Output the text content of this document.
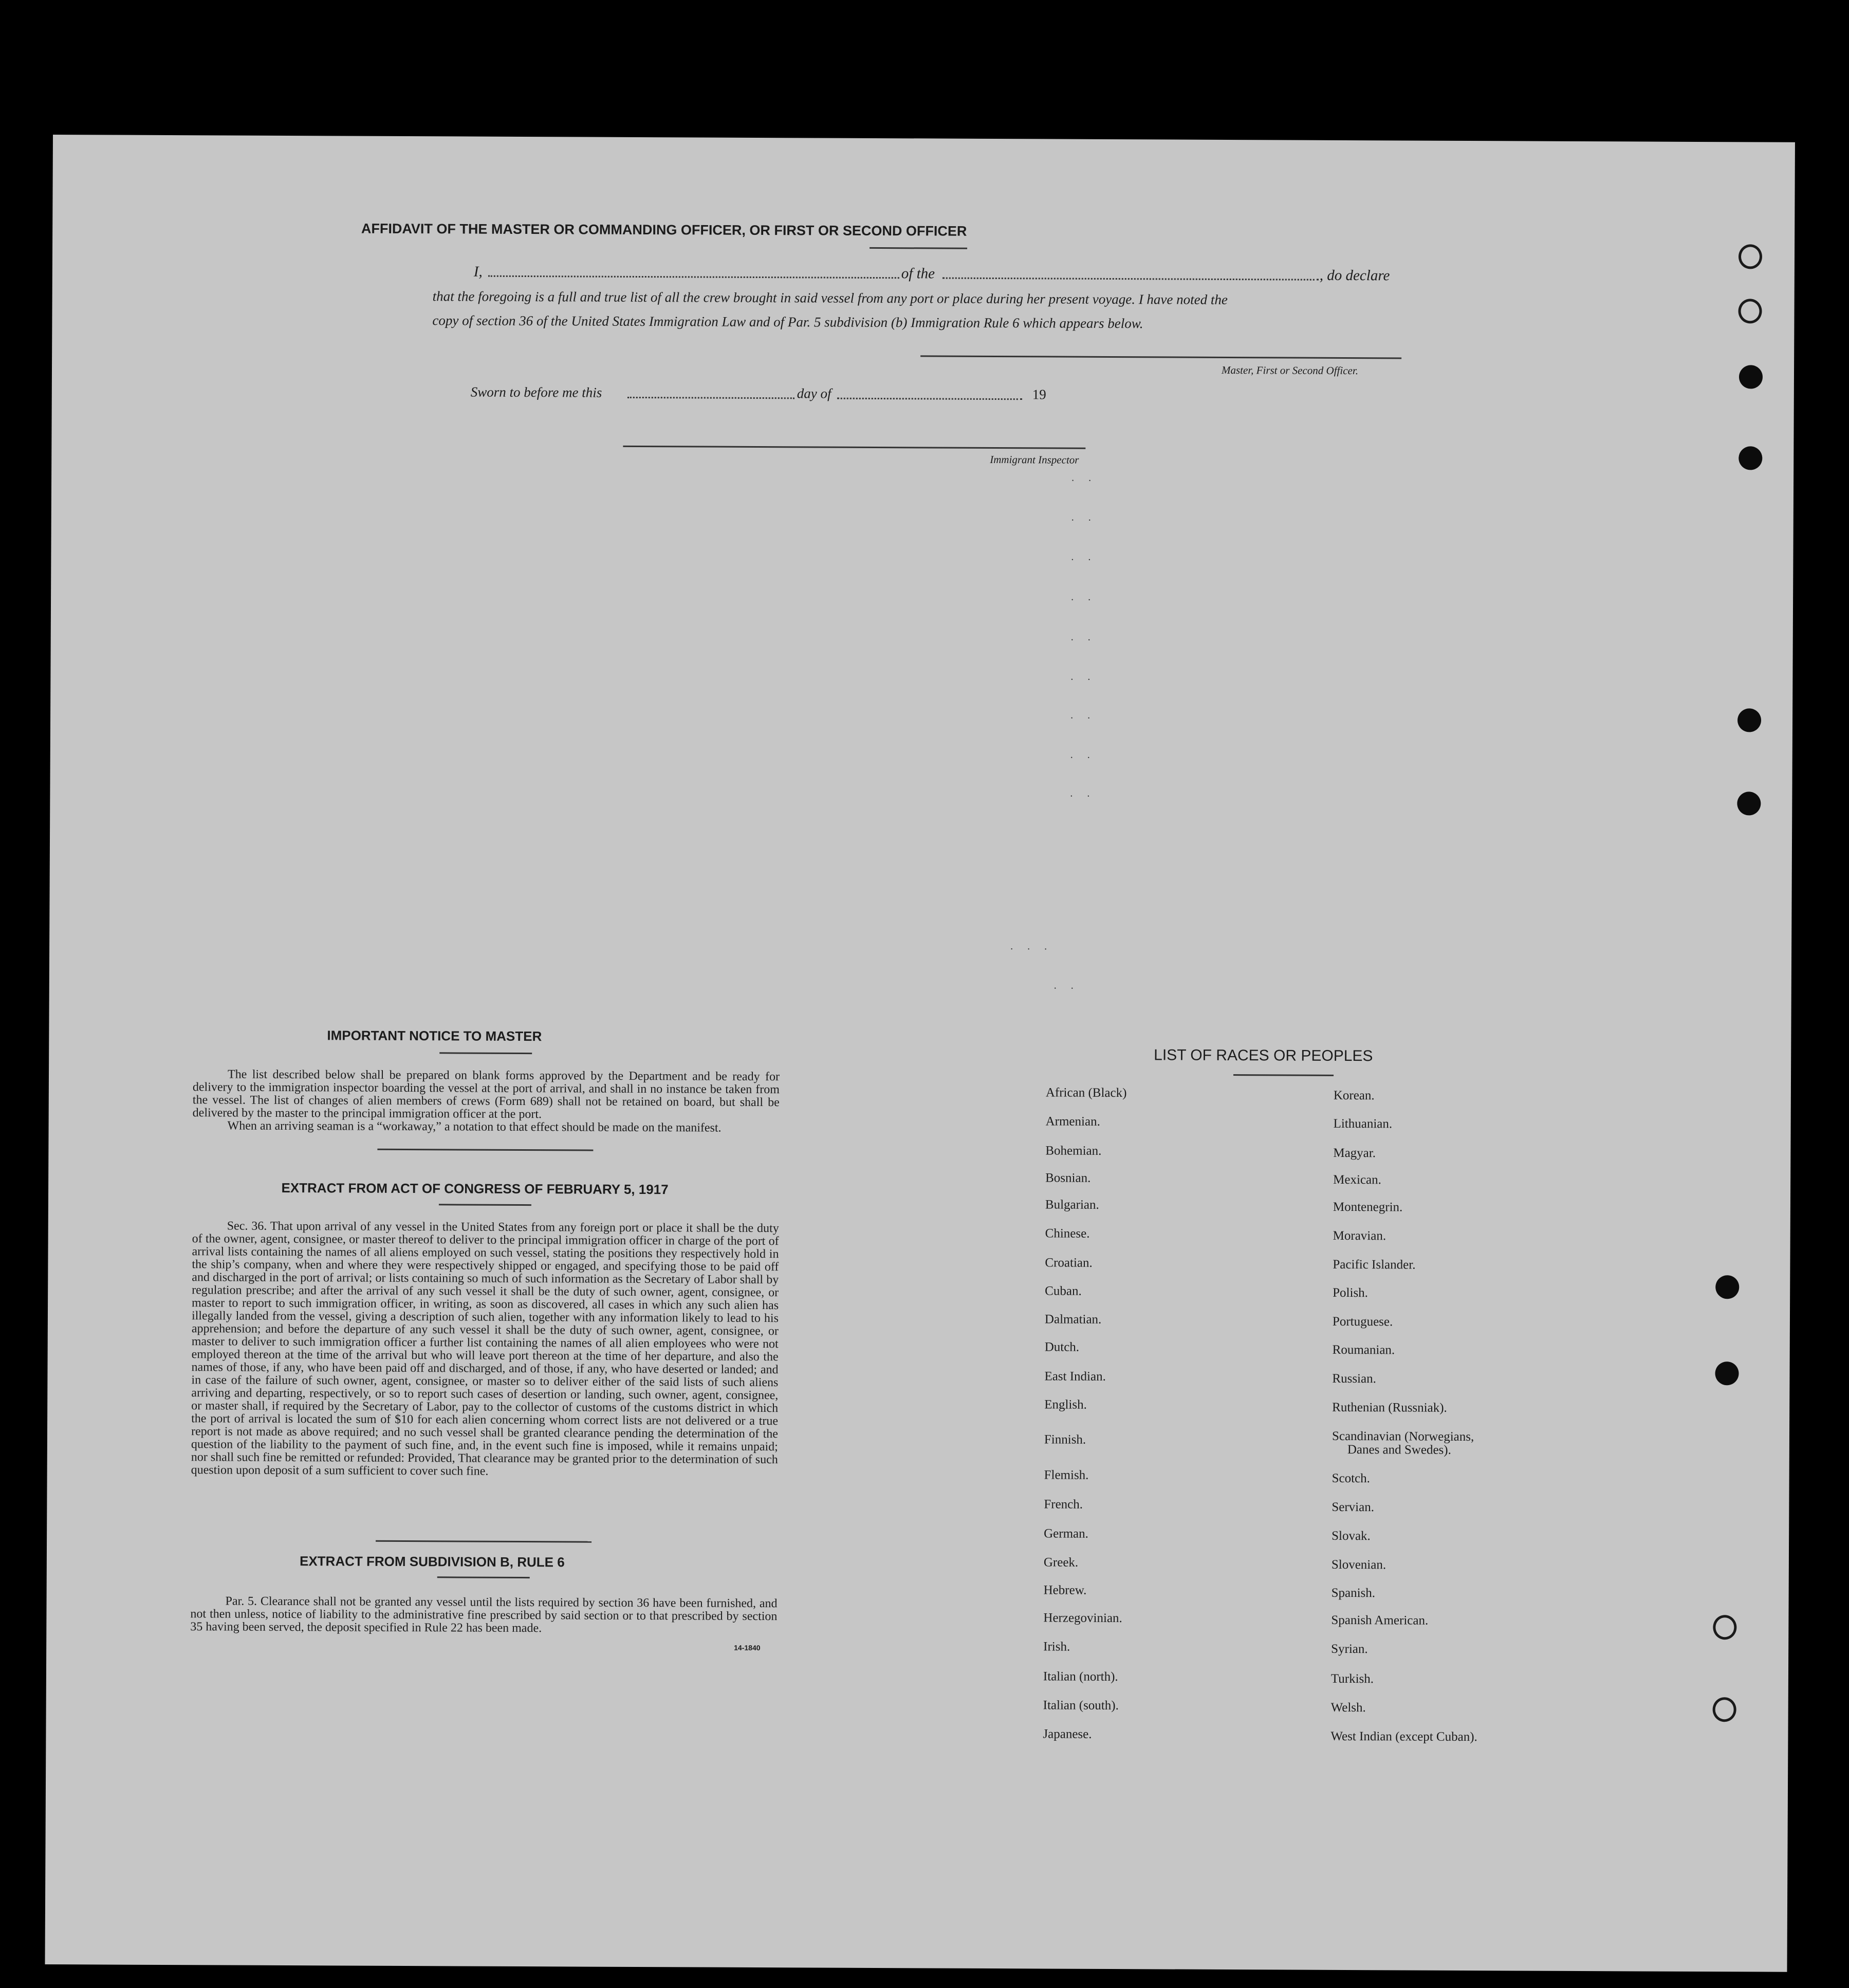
AFFIDAVIT OF THE MASTER OR COMMANDING OFFICER, OR FIRST OR SECOND OFFICER
I,	of the	, do declare
that the foregoing is a full and true list of all the crew brought in said vessel from any port or place during her present voyage. I have noted the
copy of section 36 of the United States Immigration Law and of Par. 5 subdivision (b) Immigration Rule 6 which appears below.
Master, First or Second Officer.
Sworn to before me this	day of	19
Immigrant Inspector
..
..
..
..
..
..
..
..
..
...
..
IMPORTANT NOTICE TO MASTER

The list described below shall be prepared on blank forms approved by the Department and be ready for delivery to the immigration inspector boarding the vessel at the port of arrival, and shall in no instance be taken from the vessel. The list of changes of alien members of crews (Form 689) shall not be retained on board, but shall be delivered by the master to the principal immigration officer at the port.

When an arriving seaman is a “workaway,” a notation to that effect should be made on the manifest.

EXTRACT FROM ACT OF CONGRESS OF FEBRUARY 5, 1917

Sec. 36. That upon arrival of any vessel in the United States from any foreign port or place it shall be the duty of the owner, agent, consignee, or master thereof to deliver to the principal immigration officer in charge of the port of arrival lists containing the names of all aliens employed on such vessel, stating the positions they respectively hold in the ship’s company, when and where they were respectively shipped or engaged, and specifying those to be paid off and discharged in the port of arrival; or lists containing so much of such information as the Secretary of Labor shall by regulation prescribe; and after the arrival of any such vessel it shall be the duty of such owner, agent, consignee, or master to report to such immigration officer, in writing, as soon as discovered, all cases in which any such alien has illegally landed from the vessel, giving a description of such alien, together with any information likely to lead to his apprehension; and before the departure of any such vessel it shall be the duty of such owner, agent, consignee, or master to deliver to such immigration officer a further list containing the names of all alien employees who were not employed thereon at the time of the arrival but who will leave port thereon at the time of her departure, and also the names of those, if any, who have been paid off and discharged, and of those, if any, who have deserted or landed; and in case of the failure of such owner, agent, consignee, or master so to deliver either of the said lists of such aliens arriving and departing, respectively, or so to report such cases of desertion or landing, such owner, agent, consignee, or master shall, if required by the Secretary of Labor, pay to the collector of customs of the customs district in which the port of arrival is located the sum of $10 for each alien concerning whom correct lists are not delivered or a true report is not made as above required; and no such vessel shall be granted clearance pending the determination of the question of the liability to the payment of such fine, and, in the event such fine is imposed, while it remains unpaid; nor shall such fine be remitted or refunded: Provided, That clearance may be granted prior to the determination of such question upon deposit of a sum sufficient to cover such fine.

EXTRACT FROM SUBDIVISION B, RULE 6

Par. 5. Clearance shall not be granted any vessel until the lists required by section 36 have been furnished, and not then unless, notice of liability to the administrative fine prescribed by said section or to that prescribed by section 35 having been served, the deposit specified in Rule 22 has been made.

14-1840
LIST OF RACES OR PEOPLES
African (Black)
Armenian.
Bohemian.
Bosnian.
Bulgarian.
Chinese.
Croatian.
Cuban.
Dalmatian.
Dutch.
East Indian.
English.
Finnish.
Flemish.
French.
German.
Greek.
Hebrew.
Herzegovinian.
Irish.
Italian (north).
Italian (south).
Japanese.
Korean.
Lithuanian.
Magyar.
Mexican.
Montenegrin.
Moravian.
Pacific Islander.
Polish.
Portuguese.
Roumanian.
Russian.
Ruthenian (Russniak).
Scandinavian (Norwegians,
Danes and Swedes).
Scotch.
Servian.
Slovak.
Slovenian.
Spanish.
Spanish American.
Syrian.
Turkish.
Welsh.
West Indian (except Cuban).
